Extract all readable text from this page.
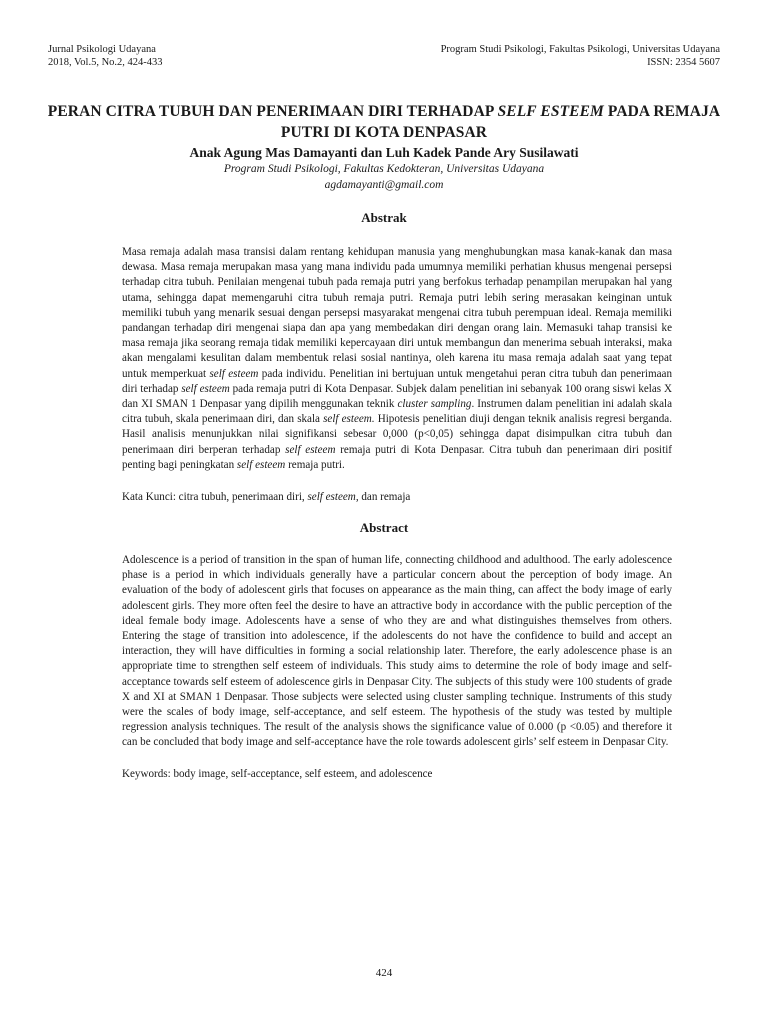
Jurnal Psikologi Udayana
2018, Vol.5, No.2, 424-433
Program Studi Psikologi, Fakultas Psikologi, Universitas Udayana
ISSN: 2354 5607
PERAN CITRA TUBUH DAN PENERIMAAN DIRI TERHADAP SELF ESTEEM PADA REMAJA PUTRI DI KOTA DENPASAR
Anak Agung Mas Damayanti dan Luh Kadek Pande Ary Susilawati
Program Studi Psikologi, Fakultas Kedokteran, Universitas Udayana
agdamayanti@gmail.com
Abstrak
Masa remaja adalah masa transisi dalam rentang kehidupan manusia yang menghubungkan masa kanak-kanak dan masa dewasa. Masa remaja merupakan masa yang mana individu pada umumnya memiliki perhatian khusus mengenai persepsi terhadap citra tubuh. Penilaian mengenai tubuh pada remaja putri yang berfokus terhadap penampilan merupakan hal yang utama, sehingga dapat memengaruhi citra tubuh remaja putri. Remaja putri lebih sering merasakan keinginan untuk memiliki tubuh yang menarik sesuai dengan persepsi masyarakat mengenai citra tubuh perempuan ideal. Remaja memiliki pandangan terhadap diri mengenai siapa dan apa yang membedakan diri dengan orang lain. Memasuki tahap transisi ke masa remaja jika seorang remaja tidak memiliki kepercayaan diri untuk membangun dan menerima sebuah interaksi, maka akan mengalami kesulitan dalam membentuk relasi sosial nantinya, oleh karena itu masa remaja adalah saat yang tepat untuk memperkuat self esteem pada individu. Penelitian ini bertujuan untuk mengetahui peran citra tubuh dan penerimaan diri terhadap self esteem pada remaja putri di Kota Denpasar. Subjek dalam penelitian ini sebanyak 100 orang siswi kelas X dan XI SMAN 1 Denpasar yang dipilih menggunakan teknik cluster sampling. Instrumen dalam penelitian ini adalah skala citra tubuh, skala penerimaan diri, dan skala self esteem. Hipotesis penelitian diuji dengan teknik analisis regresi berganda. Hasil analisis menunjukkan nilai signifikansi sebesar 0,000 (p<0,05) sehingga dapat disimpulkan citra tubuh dan penerimaan diri berperan terhadap self esteem remaja putri di Kota Denpasar. Citra tubuh dan penerimaan diri positif penting bagi peningkatan self esteem remaja putri.
Kata Kunci: citra tubuh, penerimaan diri, self esteem, dan remaja
Abstract
Adolescence is a period of transition in the span of human life, connecting childhood and adulthood. The early adolescence phase is a period in which individuals generally have a particular concern about the perception of body image. An evaluation of the body of adolescent girls that focuses on appearance as the main thing, can affect the body image of early adolescent girls. They more often feel the desire to have an attractive body in accordance with the public perception of the ideal female body image. Adolescents have a sense of who they are and what distinguishes themselves from others. Entering the stage of transition into adolescence, if the adolescents do not have the confidence to build and accept an interaction, they will have difficulties in forming a social relationship later. Therefore, the early adolescence phase is an appropriate time to strengthen self esteem of individuals. This study aims to determine the role of body image and self-acceptance towards self esteem of adolescence girls in Denpasar City. The subjects of this study were 100 students of grade X and XI at SMAN 1 Denpasar. Those subjects were selected using cluster sampling technique. Instruments of this study were the scales of body image, self-acceptance, and self esteem. The hypothesis of the study was tested by multiple regression analysis techniques. The result of the analysis shows the significance value of 0.000 (p <0.05) and therefore it can be concluded that body image and self-acceptance have the role towards adolescent girls’ self esteem in Denpasar City.
Keywords: body image, self-acceptance, self esteem, and adolescence
424
